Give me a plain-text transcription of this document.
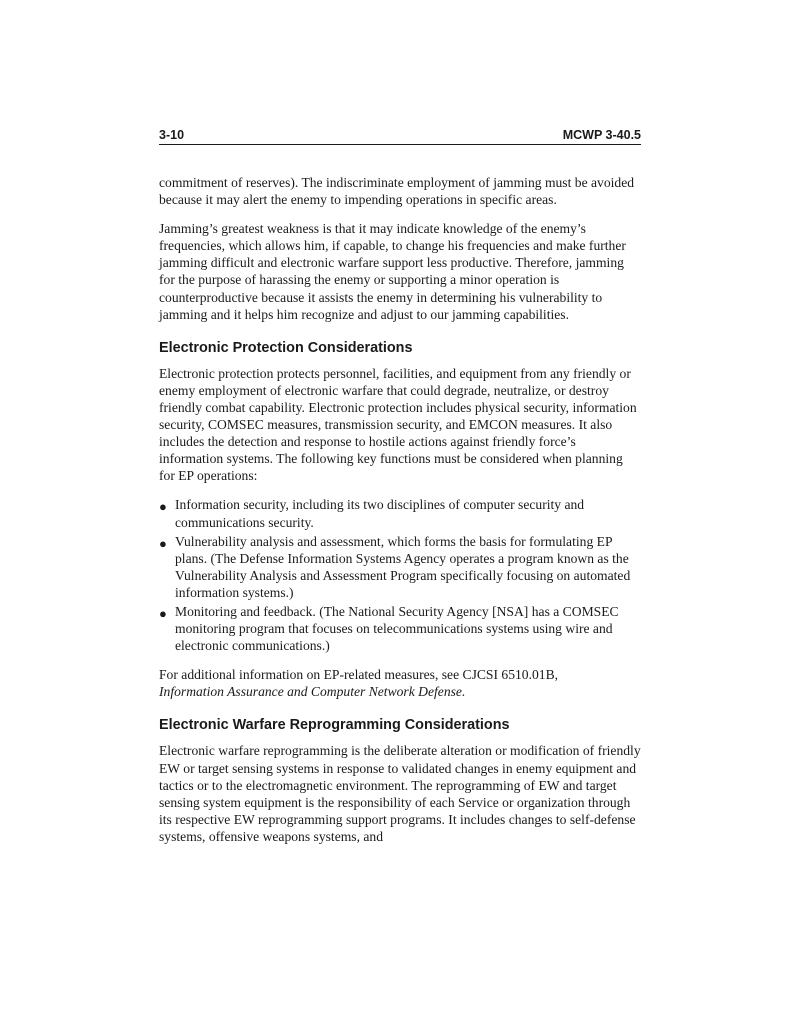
3-10	MCWP 3-40.5

commitment of reserves). The indiscriminate employment of jamming must be avoided because it may alert the enemy to impending operations in specific areas.

Jamming’s greatest weakness is that it may indicate knowledge of the enemy’s frequencies, which allows him, if capable, to change his frequencies and make further jamming difficult and electronic warfare support less productive. Therefore, jamming for the purpose of harassing the enemy or supporting a minor operation is counterproductive because it assists the enemy in determining his vulnerability to jamming and it helps him recognize and adjust to our jamming capabilities.

Electronic Protection Considerations

Electronic protection protects personnel, facilities, and equipment from any friendly or enemy employment of electronic warfare that could degrade, neutralize, or destroy friendly combat capability. Electronic protection includes physical security, information security, COMSEC measures, transmission security, and EMCON measures. It also includes the detection and response to hostile actions against friendly force’s information systems. The following key functions must be considered when planning for EP operations:

● Information security, including its two disciplines of computer security and communications security.
● Vulnerability analysis and assessment, which forms the basis for formulating EP plans. (The Defense Information Systems Agency operates a program known as the Vulnerability Analysis and Assessment Program specifically focusing on automated information systems.)
● Monitoring and feedback. (The National Security Agency [NSA] has a COMSEC monitoring program that focuses on telecommunications systems using wire and electronic communications.)

For additional information on EP-related measures, see CJCSI 6510.01B,
Information Assurance and Computer Network Defense.

Electronic Warfare Reprogramming Considerations

Electronic warfare reprogramming is the deliberate alteration or modification of friendly EW or target sensing systems in response to validated changes in enemy equipment and tactics or to the electromagnetic environment. The reprogramming of EW and target sensing system equipment is the responsibility of each Service or organization through its respective EW reprogramming support programs. It includes changes to self-defense systems, offensive weapons systems, and
